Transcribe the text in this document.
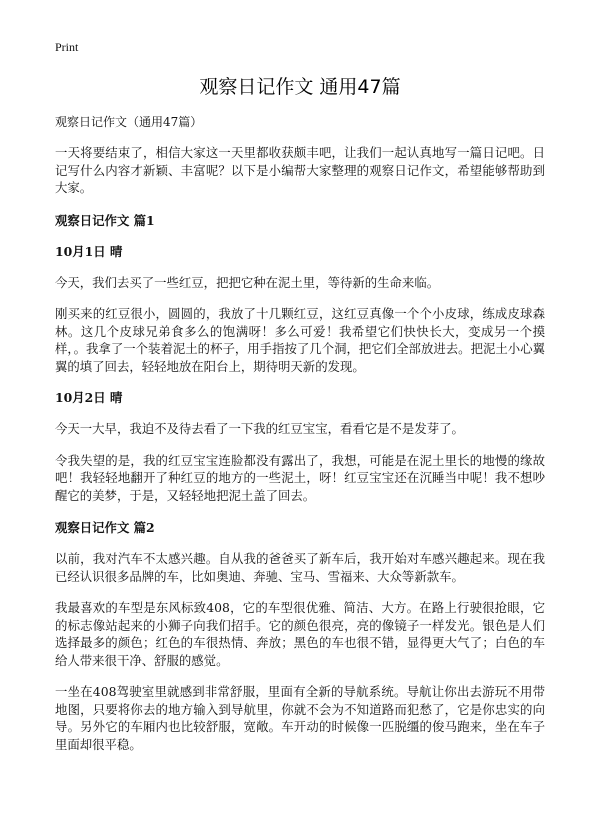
Print
观察日记作文 通用47篇
观察日记作文（通用47篇）

一天将要结束了，相信大家这一天里都收获颇丰吧，让我们一起认真地写一篇日记吧。日记写什么内容才新颖、丰富呢？以下是小编帮大家整理的观察日记作文，希望能够帮助到大家。

观察日记作文 篇1
10月1日 晴

今天，我们去买了一些红豆，把把它种在泥土里，等待新的生命来临。

刚买来的红豆很小，圆圆的，我放了十几颗红豆，这红豆真像一个个小皮球，练成皮球森林。这几个皮球兄弟食多么的饱满呀！多么可爱！我希望它们快快长大，变成另一个摸样，。我拿了一个装着泥土的杯子，用手指按了几个洞，把它们全部放进去。把泥土小心翼翼的填了回去，轻轻地放在阳台上，期待明天新的发现。

10月2日 晴

今天一大早，我迫不及待去看了一下我的红豆宝宝，看看它是不是发芽了。

令我失望的是，我的红豆宝宝连脸都没有露出了，我想，可能是在泥土里长的地慢的缘故吧！我轻轻地翻开了种红豆的地方的一些泥土，呀！红豆宝宝还在沉睡当中呢！我不想吵醒它的美梦，于是，又轻轻地把泥土盖了回去。

观察日记作文 篇2

以前，我对汽车不太感兴趣。自从我的爸爸买了新车后，我开始对车感兴趣起来。现在我已经认识很多品牌的车，比如奥迪、奔驰、宝马、雪福来、大众等新款车。

我最喜欢的车型是东风标致408，它的车型很优雅、简洁、大方。在路上行驶很抢眼，它的标志像站起来的小狮子向我们招手。它的颜色很亮，亮的像镜子一样发光。银色是人们选择最多的颜色；红色的车很热情、奔放；黑色的车也很不错，显得更大气了；白色的车给人带来很干净、舒服的感觉。

一坐在408驾驶室里就感到非常舒服，里面有全新的导航系统。导航让你出去游玩不用带地图，只要将你去的地方输入到导航里，你就不会为不知道路而犯愁了，它是你忠实的向导。另外它的车厢内也比较舒服，宽敞。车开动的时候像一匹脱缰的俊马跑来，坐在车子里面却很平稳。
